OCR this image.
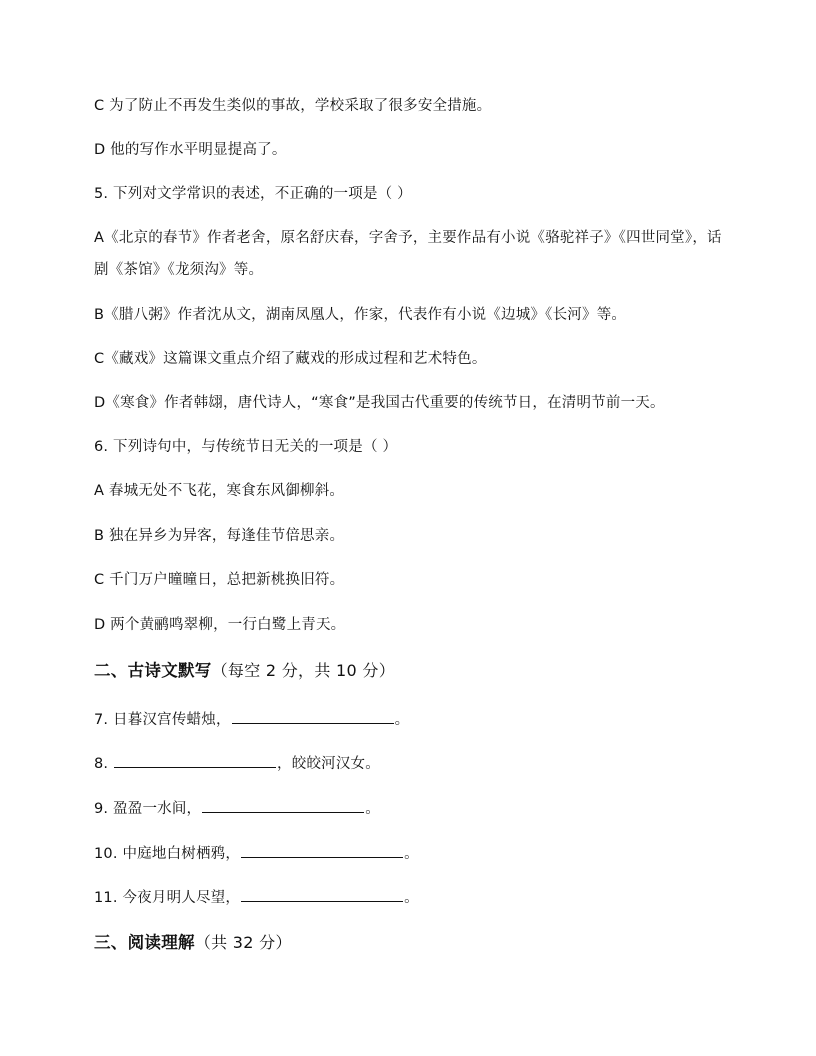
C 为了防止不再发生类似的事故，学校采取了很多安全措施。
D 他的写作水平明显提高了。
5. 下列对文学常识的表述，不正确的一项是（ ）
A《北京的春节》作者老舍，原名舒庆春，字舍予，主要作品有小说《骆驼祥子》《四世同堂》，话剧《茶馆》《龙须沟》等。
B《腊八粥》作者沈从文，湖南凤凰人，作家，代表作有小说《边城》《长河》等。
C《藏戏》这篇课文重点介绍了藏戏的形成过程和艺术特色。
D《寒食》作者韩翃，唐代诗人，“寒食”是我国古代重要的传统节日，在清明节前一天。
6. 下列诗句中，与传统节日无关的一项是（ ）
A 春城无处不飞花，寒食东风御柳斜。
B 独在异乡为异客，每逢佳节倍思亲。
C 千门万户曈曈日，总把新桃换旧符。
D 两个黄鹂鸣翠柳，一行白鹭上青天。
二、古诗文默写（每空 2 分，共 10 分）
7. 日暮汉宫传蜡烛，	。
8.	，皎皎河汉女。
9. 盈盈一水间，	。
10. 中庭地白树栖鸦，	。
11. 今夜月明人尽望，	。
三、阅读理解（共 32 分）
